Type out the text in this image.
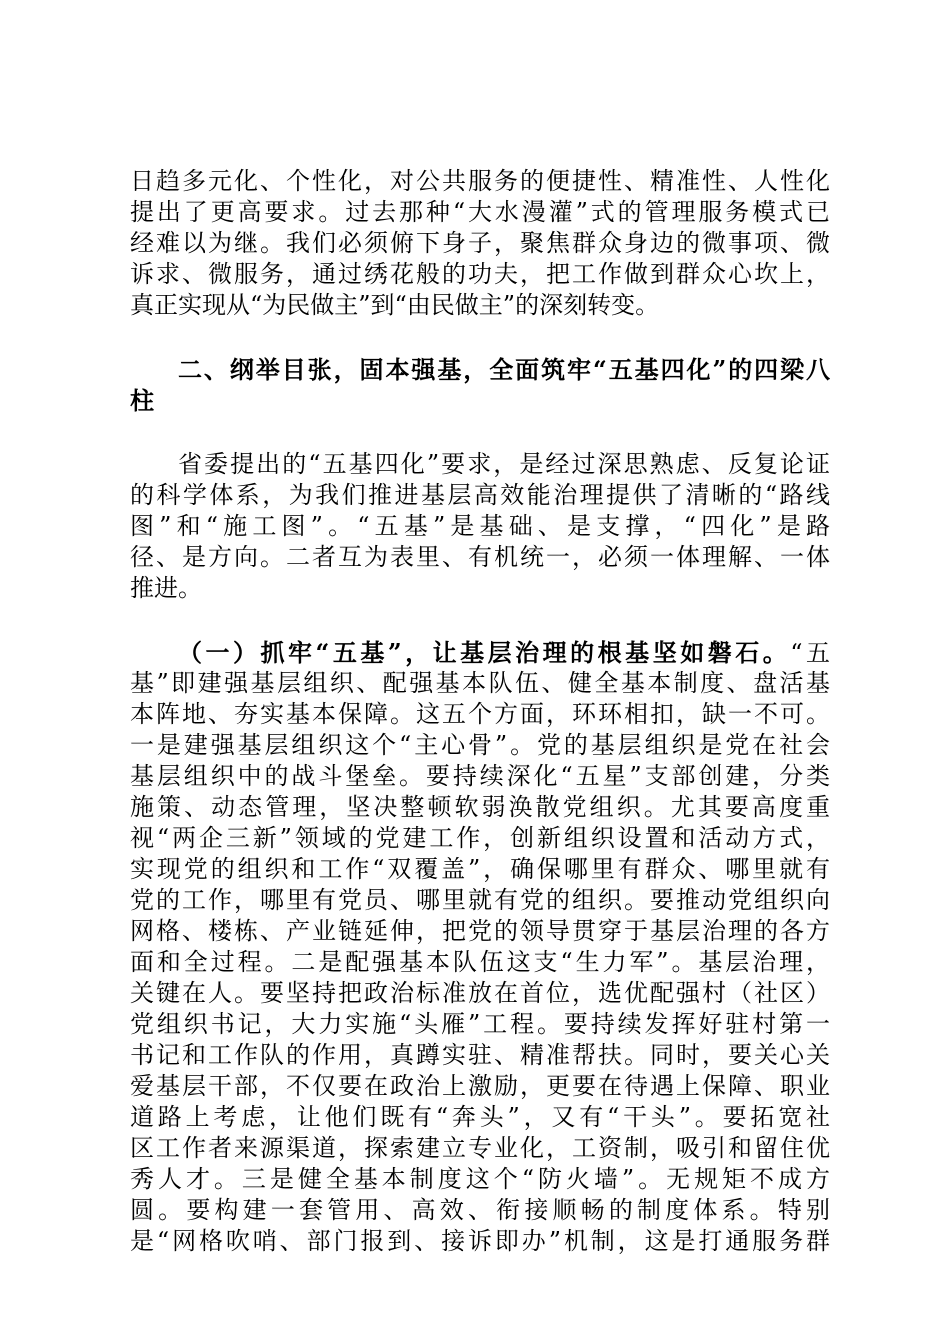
日趋多元化、个性化，对公共服务的便捷性、精准性、人性化
提出了更高要求。过去那种“大水漫灌”式的管理服务模式已
经难以为继。我们必须俯下身子，聚焦群众身边的微事项、微
诉求、微服务，通过绣花般的功夫，把工作做到群众心坎上，
真正实现从“为民做主”到“由民做主”的深刻转变。
二、纲举目张，固本强基，全面筑牢“五基四化”的四梁八
柱
省委提出的“五基四化”要求，是经过深思熟虑、反复论证
的科学体系，为我们推进基层高效能治理提供了清晰的“路线
图”和“施工图”。“五基”是基础、是支撑，“四化”是路
径、是方向。二者互为表里、有机统一，必须一体理解、一体
推进。
（一）抓牢“五基”，让基层治理的根基坚如磐石。“五
基”即建强基层组织、配强基本队伍、健全基本制度、盘活基
本阵地、夯实基本保障。这五个方面，环环相扣，缺一不可。
一是建强基层组织这个“主心骨”。党的基层组织是党在社会
基层组织中的战斗堡垒。要持续深化“五星”支部创建，分类
施策、动态管理，坚决整顿软弱涣散党组织。尤其要高度重
视“两企三新”领域的党建工作，创新组织设置和活动方式，
实现党的组织和工作“双覆盖”，确保哪里有群众、哪里就有
党的工作，哪里有党员、哪里就有党的组织。要推动党组织向
网格、楼栋、产业链延伸，把党的领导贯穿于基层治理的各方
面和全过程。二是配强基本队伍这支“生力军”。基层治理，
关键在人。要坚持把政治标准放在首位，选优配强村（社区）
党组织书记，大力实施“头雁”工程。要持续发挥好驻村第一
书记和工作队的作用，真蹲实驻、精准帮扶。同时，要关心关
爱基层干部，不仅要在政治上激励，更要在待遇上保障、职业
道路上考虑，让他们既有“奔头”，又有“干头”。要拓宽社
区工作者来源渠道，探索建立专业化，工资制，吸引和留住优
秀人才。三是健全基本制度这个“防火墙”。无规矩不成方
圆。要构建一套管用、高效、衔接顺畅的制度体系。特别
是“网格吹哨、部门报到、接诉即办”机制，这是打通服务群
